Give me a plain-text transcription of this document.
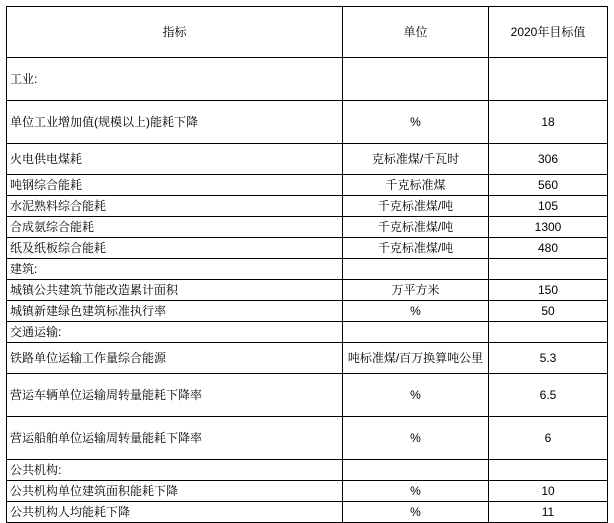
指标	单位	2020年目标值

工业:		

单位工业增加值(规模以上)能耗下降	%	18
火电供电煤耗	克标准煤/千瓦时	306
吨钢综合能耗	千克标准煤	560
水泥熟料综合能耗	千克标准煤/吨	105
合成氨综合能耗	千克标准煤/吨	1300
纸及纸板综合能耗	千克标准煤/吨	480
建筑:		
城镇公共建筑节能改造累计面积	万平方米	150
城镇新建绿色建筑标准执行率	%	50
交通运输:		
铁路单位运输工作量综合能源	吨标准煤/百万换算吨公里	5.3
营运车辆单位运输周转量能耗下降率	%	6.5
营运船舶单位运输周转量能耗下降率	%	6
公共机构:		
公共机构单位建筑面积能耗下降	%	10
公共机构人均能耗下降	%	11
